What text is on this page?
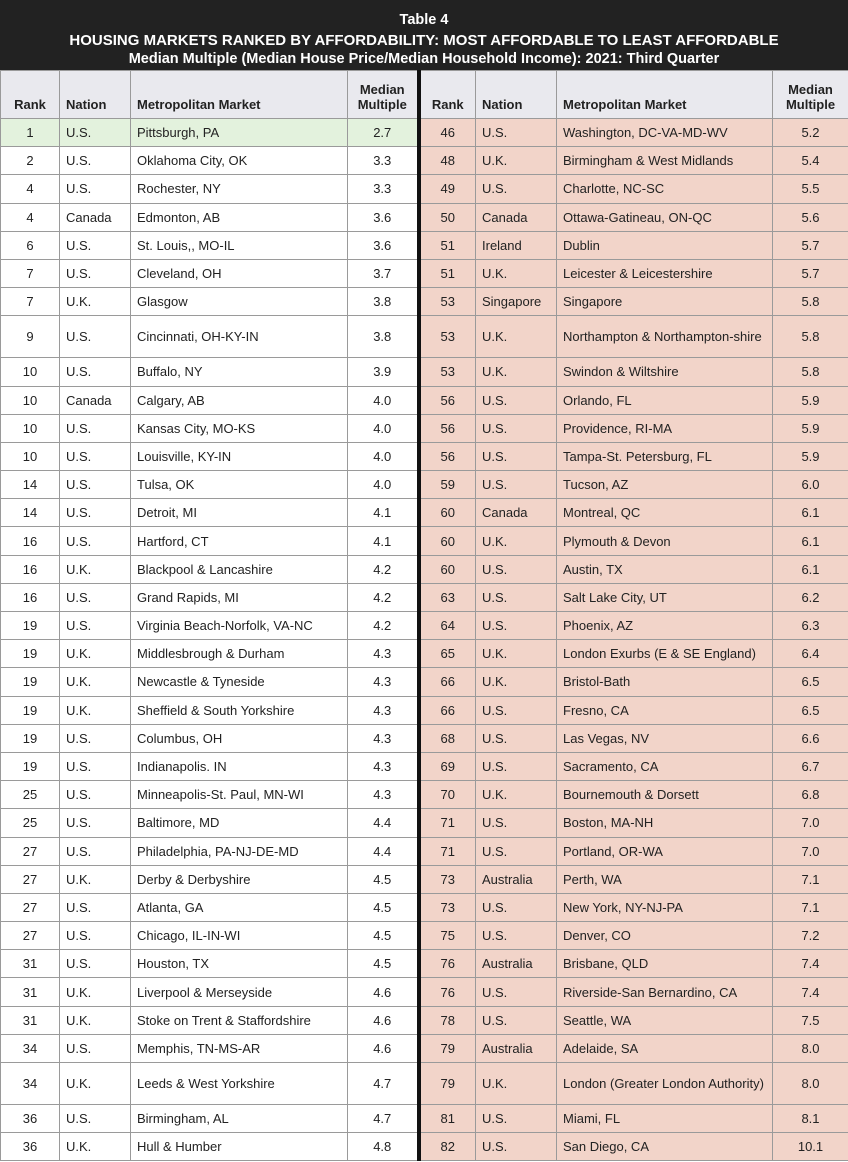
Table 4
HOUSING MARKETS RANKED BY AFFORDABILITY: MOST AFFORDABLE TO LEAST AFFORDABLE
Median Multiple (Median House Price/Median Household Income): 2021: Third Quarter
Rank	Nation	Metropolitan Market	Median
Multiple	Rank	Nation	Metropolitan Market	Median
Multiple
1	U.S.	Pittsburgh, PA	2.7	46	U.S.	Washington, DC-VA-MD-WV	5.2
2	U.S.	Oklahoma City, OK	3.3	48	U.K.	Birmingham & West Midlands	5.4
4	U.S.	Rochester, NY	3.3	49	U.S.	Charlotte, NC-SC	5.5
4	Canada	Edmonton, AB	3.6	50	Canada	Ottawa-Gatineau, ON-QC	5.6
6	U.S.	St. Louis,, MO-IL	3.6	51	Ireland	Dublin	5.7
7	U.S.	Cleveland, OH	3.7	51	U.K.	Leicester & Leicestershire	5.7
7	U.K.	Glasgow	3.8	53	Singapore	Singapore	5.8
9	U.S.	Cincinnati, OH-KY-IN	3.8	53	U.K.	Northampton & Northampton-shire	5.8
10	U.S.	Buffalo, NY	3.9	53	U.K.	Swindon & Wiltshire	5.8
10	Canada	Calgary, AB	4.0	56	U.S.	Orlando, FL	5.9
10	U.S.	Kansas City, MO-KS	4.0	56	U.S.	Providence, RI-MA	5.9
10	U.S.	Louisville, KY-IN	4.0	56	U.S.	Tampa-St. Petersburg, FL	5.9
14	U.S.	Tulsa, OK	4.0	59	U.S.	Tucson, AZ	6.0
14	U.S.	Detroit, MI	4.1	60	Canada	Montreal, QC	6.1
16	U.S.	Hartford, CT	4.1	60	U.K.	Plymouth & Devon	6.1
16	U.K.	Blackpool & Lancashire	4.2	60	U.S.	Austin, TX	6.1
16	U.S.	Grand Rapids, MI	4.2	63	U.S.	Salt Lake City, UT	6.2
19	U.S.	Virginia Beach-Norfolk, VA-NC	4.2	64	U.S.	Phoenix, AZ	6.3
19	U.K.	Middlesbrough & Durham	4.3	65	U.K.	London Exurbs (E & SE England)	6.4
19	U.K.	Newcastle & Tyneside	4.3	66	U.K.	Bristol-Bath	6.5
19	U.K.	Sheffield & South Yorkshire	4.3	66	U.S.	Fresno, CA	6.5
19	U.S.	Columbus, OH	4.3	68	U.S.	Las Vegas, NV	6.6
19	U.S.	Indianapolis. IN	4.3	69	U.S.	Sacramento, CA	6.7
25	U.S.	Minneapolis-St. Paul, MN-WI	4.3	70	U.K.	Bournemouth & Dorsett	6.8
25	U.S.	Baltimore, MD	4.4	71	U.S.	Boston, MA-NH	7.0
27	U.S.	Philadelphia, PA-NJ-DE-MD	4.4	71	U.S.	Portland, OR-WA	7.0
27	U.K.	Derby & Derbyshire	4.5	73	Australia	Perth, WA	7.1
27	U.S.	Atlanta, GA	4.5	73	U.S.	New York, NY-NJ-PA	7.1
27	U.S.	Chicago, IL-IN-WI	4.5	75	U.S.	Denver, CO	7.2
31	U.S.	Houston, TX	4.5	76	Australia	Brisbane, QLD	7.4
31	U.K.	Liverpool & Merseyside	4.6	76	U.S.	Riverside-San Bernardino, CA	7.4
31	U.K.	Stoke on Trent & Staffordshire	4.6	78	U.S.	Seattle, WA	7.5
34	U.S.	Memphis, TN-MS-AR	4.6	79	Australia	Adelaide, SA	8.0
34	U.K.	Leeds & West Yorkshire	4.7	79	U.K.	London (Greater London Authority)	8.0
36	U.S.	Birmingham, AL	4.7	81	U.S.	Miami, FL	8.1
36	U.K.	Hull & Humber	4.8	82	U.S.	San Diego, CA	10.1
